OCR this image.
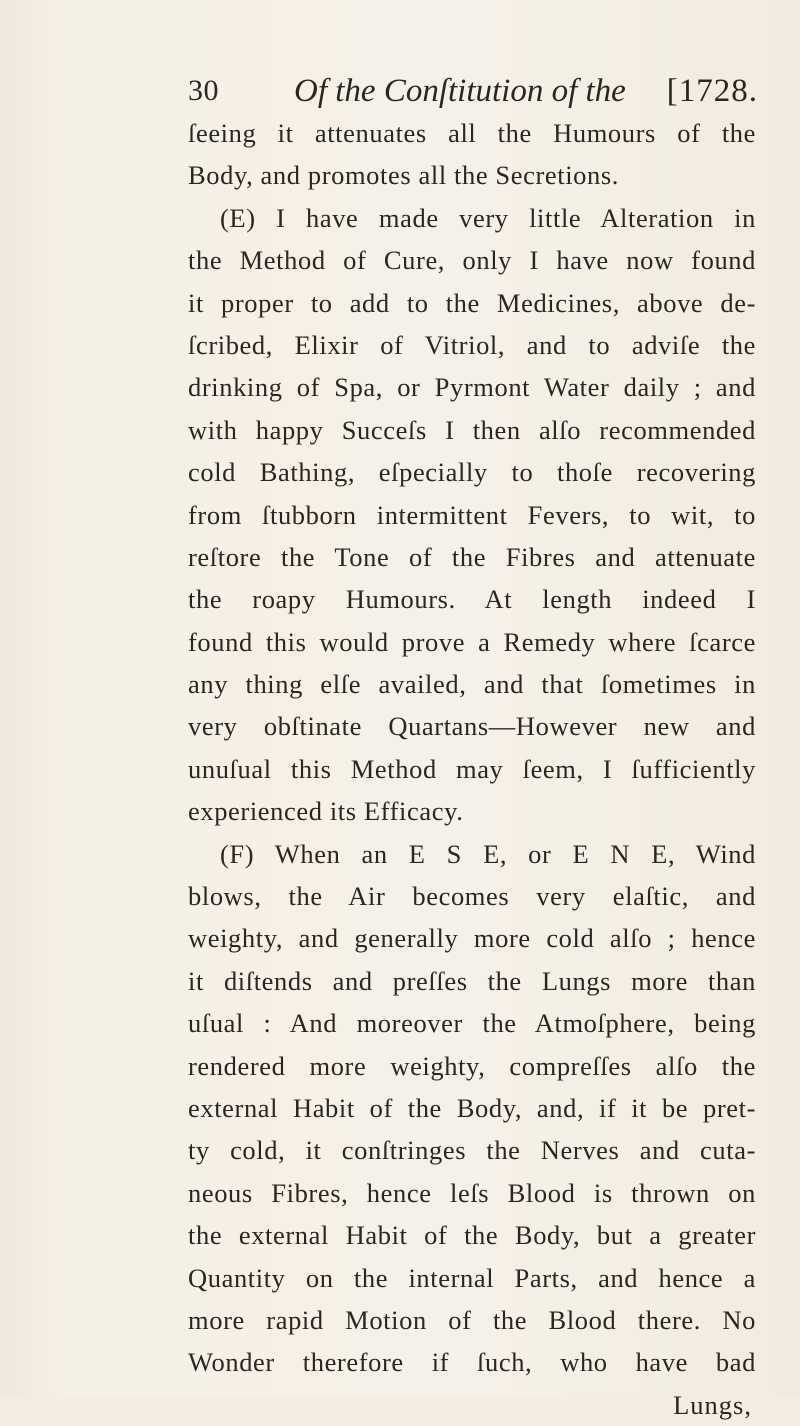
30 Of the Conſtitution of the [1728.
ſeeing it attenuates all the Humours of the
Body, and promotes all the Secretions.
(E) I have made very little Alteration in
the Method of Cure, only I have now found
it proper to add to the Medicines, above de-
ſcribed, Elixir of Vitriol, and to adviſe the
drinking of Spa, or Pyrmont Water daily ; and
with happy Succeſs I then alſo recommended
cold Bathing, eſpecially to thoſe recovering
from ſtubborn intermittent Fevers, to wit, to
reſtore the Tone of the Fibres and attenuate
the roapy Humours. At length indeed I
found this would prove a Remedy where ſcarce
any thing elſe availed, and that ſometimes in
very obſtinate Quartans—However new and
unuſual this Method may ſeem, I ſufficiently
experienced its Efficacy.
(F) When an E S E, or E N E, Wind
blows, the Air becomes very elaſtic, and
weighty, and generally more cold alſo ; hence
it diſtends and preſſes the Lungs more than
uſual : And moreover the Atmoſphere, being
rendered more weighty, compreſſes alſo the
external Habit of the Body, and, if it be pret-
ty cold, it conſtringes the Nerves and cuta-
neous Fibres, hence leſs Blood is thrown on
the external Habit of the Body, but a greater
Quantity on the internal Parts, and hence a
more rapid Motion of the Blood there. No
Wonder therefore if ſuch, who have bad
Lungs,
